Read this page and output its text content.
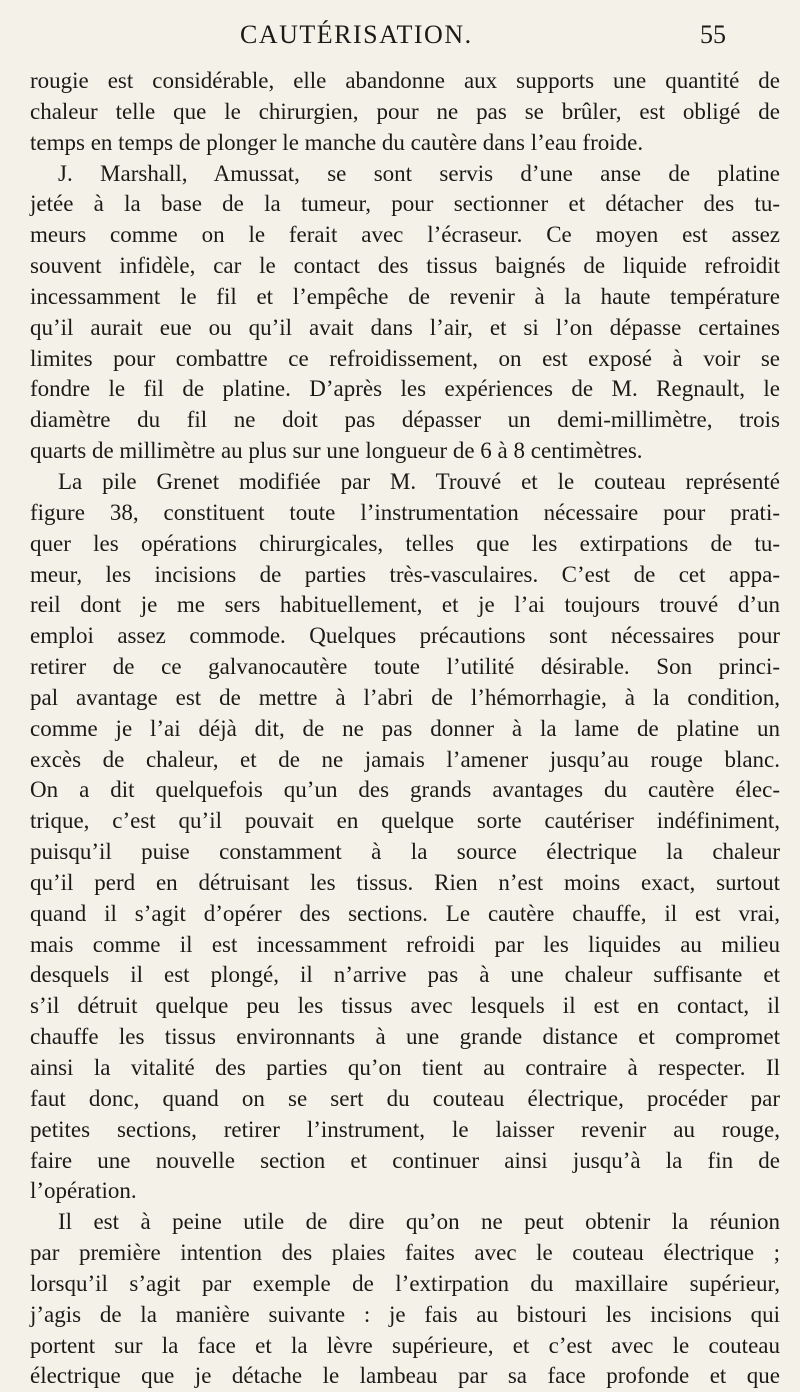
CAUTÉRISATION.	55
rougie est considérable, elle abandonne aux supports une quantité de
chaleur telle que le chirurgien, pour ne pas se brûler, est obligé de
temps en temps de plonger le manche du cautère dans l’eau froide.
J. Marshall, Amussat, se sont servis d’une anse de platine
jetée à la base de la tumeur, pour sectionner et détacher des tu-
meurs comme on le ferait avec l’écraseur. Ce moyen est assez
souvent infidèle, car le contact des tissus baignés de liquide refroidit
incessamment le fil et l’empêche de revenir à la haute température
qu’il aurait eue ou qu’il avait dans l’air, et si l’on dépasse certaines
limites pour combattre ce refroidissement, on est exposé à voir se
fondre le fil de platine. D’après les expériences de M. Regnault, le
diamètre du fil ne doit pas dépasser un demi-millimètre, trois
quarts de millimètre au plus sur une longueur de 6 à 8 centimètres.
La pile Grenet modifiée par M. Trouvé et le couteau représenté
figure 38, constituent toute l’instrumentation nécessaire pour prati-
quer les opérations chirurgicales, telles que les extirpations de tu-
meur, les incisions de parties très-vasculaires. C’est de cet appa-
reil dont je me sers habituellement, et je l’ai toujours trouvé d’un
emploi assez commode. Quelques précautions sont nécessaires pour
retirer de ce galvanocautère toute l’utilité désirable. Son princi-
pal avantage est de mettre à l’abri de l’hémorrhagie, à la condition,
comme je l’ai déjà dit, de ne pas donner à la lame de platine un
excès de chaleur, et de ne jamais l’amener jusqu’au rouge blanc.
On a dit quelquefois qu’un des grands avantages du cautère élec-
trique, c’est qu’il pouvait en quelque sorte cautériser indéfiniment,
puisqu’il puise constamment à la source électrique la chaleur
qu’il perd en détruisant les tissus. Rien n’est moins exact, surtout
quand il s’agit d’opérer des sections. Le cautère chauffe, il est vrai,
mais comme il est incessamment refroidi par les liquides au milieu
desquels il est plongé, il n’arrive pas à une chaleur suffisante et
s’il détruit quelque peu les tissus avec lesquels il est en contact, il
chauffe les tissus environnants à une grande distance et compromet
ainsi la vitalité des parties qu’on tient au contraire à respecter. Il
faut donc, quand on se sert du couteau électrique, procéder par
petites sections, retirer l’instrument, le laisser revenir au rouge,
faire une nouvelle section et continuer ainsi jusqu’à la fin de
l’opération.
Il est à peine utile de dire qu’on ne peut obtenir la réunion
par première intention des plaies faites avec le couteau électrique ;
lorsqu’il s’agit par exemple de l’extirpation du maxillaire supérieur,
j’agis de la manière suivante : je fais au bistouri les incisions qui
portent sur la face et la lèvre supérieure, et c’est avec le couteau
électrique que je détache le lambeau par sa face profonde et que
